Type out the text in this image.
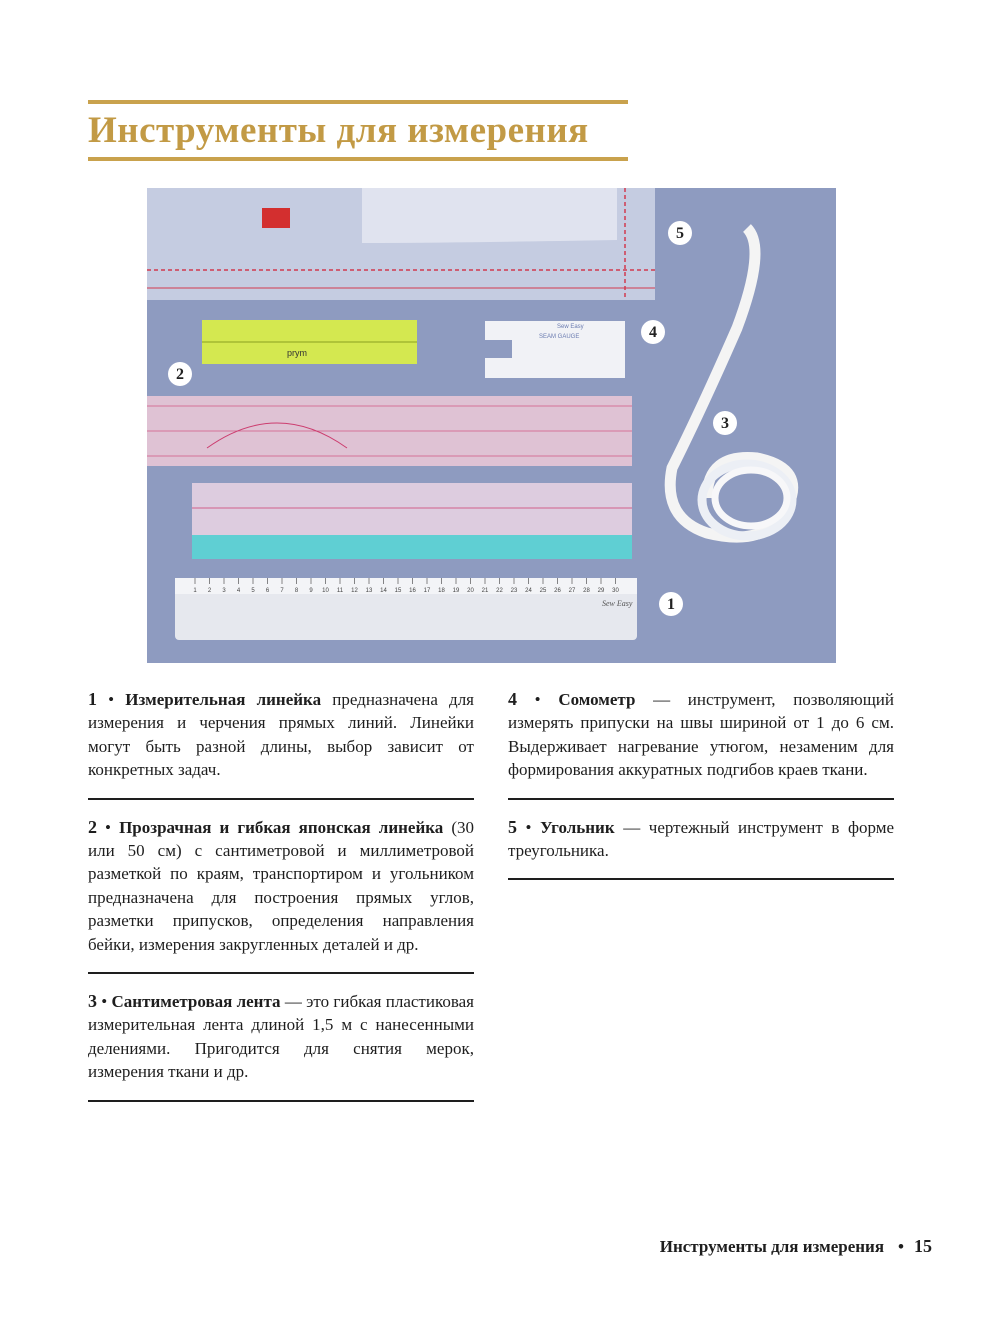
Инструменты для измерения
prym
SEAM GAUGE
Sew Easy
Sew Easy
1 2 3 4 5 6 7 8 9 10 11 12 13 14 15 16 17 18 19 20 21 22 23 24 25 26 27 28 29 30
5
4
2
3
1

1 • Измерительная линейка предназначена для измерения и черчения прямых линий. Линейки могут быть разной длины, выбор зависит от конкретных задач.

2 • Прозрачная и гибкая японская линейка (30 или 50 см) с сантиметровой и миллиметровой разметкой по краям, транспортиром и угольником предназначена для построения прямых углов, разметки припусков, определения направления бейки, измерения закругленных деталей и др.

3 • Сантиметровая лента — это гибкая пластиковая измерительная лента длиной 1,5 м с нанесенными делениями. Пригодится для снятия мерок, измерения ткани и др.

4 • Сомометр — инструмент, позволяющий измерять припуски на швы шириной от 1 до 6 см. Выдерживает нагревание утюгом, незаменим для формирования аккуратных подгибов краев ткани.

5 • Угольник — чертежный инструмент в форме треугольника.

Инструменты для измерения • 15
